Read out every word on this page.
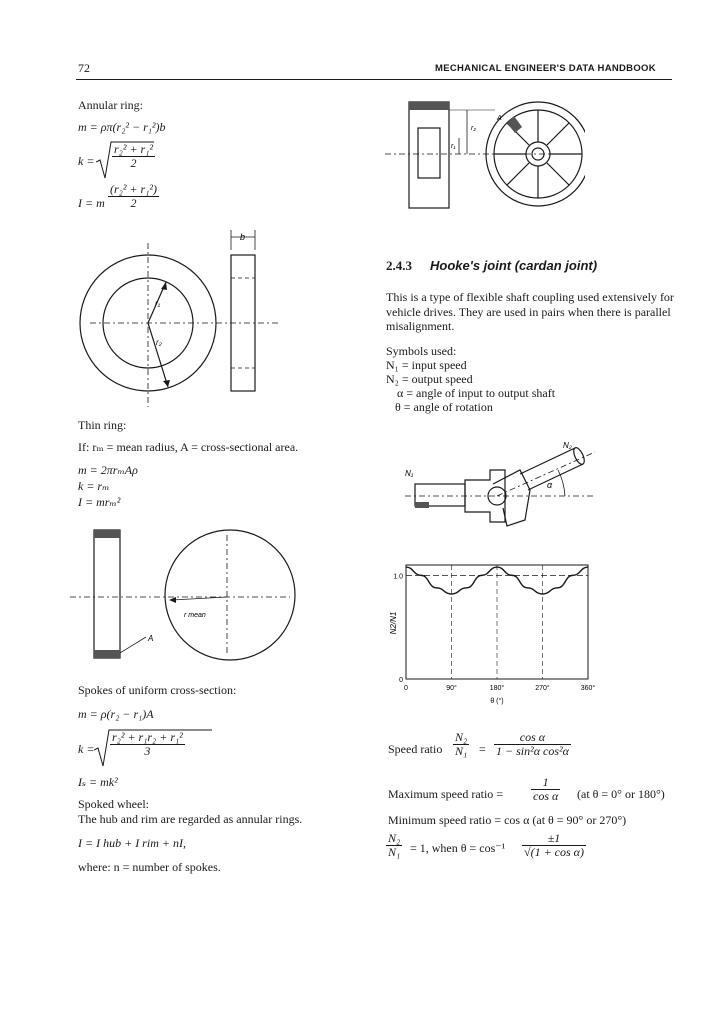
72	MECHANICAL ENGINEER'S DATA HANDBOOK
Annular ring:
m = ρπ(r₂² − r₁²)b
$k = \frac{\text{r₂² + r₁²}}{2}$
I = m $\frac{\text{(r₂² + r₁²)}}{2}$
b
r₁
r₂
Thin ring:
If: rₘ = mean radius, A = cross-sectional area.
m = 2πrₘAρ
k = rₘ
I = mrₘ²
r mean
A
Spokes of uniform cross-section:
m = ρ(r₂ − r₁)A
$k = \frac{\text{r₂² + r₁r₂ + r₁²}}{3}$
Iₛ = mk²
Spoked wheel:
The hub and rim are regarded as annular rings.
I = I hub + I rim + nI,
where: n = number of spokes.
r₂
r₁
A
2.4.3 Hooke's joint (cardan joint)
This is a type of flexible shaft coupling used extensively for vehicle drives. They are used in pairs when there is parallel misalignment.
Symbols used:
N₁ = input speed
N₂ = output speed
α = angle of input to output shaft
θ = angle of rotation
N₁
N₂
α
0	90°	180°	270°	360°
0
1.0
θ (°)
N2/N1
Speed ratio $\frac{\text{N₂}}{\text{N₁}} = \frac{\text{cos α}}{\text{1 − sin²α cos²α}}$
Maximum speed ratio = $\frac{1}{\text{cos α}} (at$ θ = 0° or 180°)
Minimum speed ratio = cos α (at θ = 90° or 270°)
$\frac{\text{N₂}}{\text{N₁}} = 1$, when $\theta = \cos^{-1} \frac{\pm 1}{\text{√(1 + cos α)}}$
